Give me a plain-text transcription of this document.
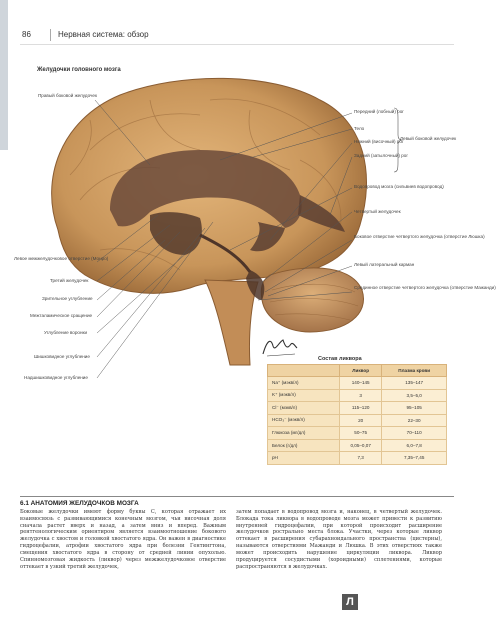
86	Нервная система: обзор
Желудочки головного мозга
Правый боковой желудочек
Левое межжелудочковое отверстие (Монро)
Третий желудочек
Зрительное углубление
Межталамическое сращение
Углубление воронки
Шишковидное углубление
Надшишковидное углубление
Передний (лобный) рог
Тело
Нижний (височный) рог
Задний (затылочный) рог
Водопровод мозга (сильвиев водопровод)
Четвертый желудочек
Боковое отверстие четвертого желудочка (отверстие Люшка)
Левый латеральный карман
Срединное отверстие четвертого желудочка (отверстие Мажанди)
Левый боковой желудочек
Состав ликвора
	Ликвор	Плазма крови
Na⁺ (мэкв/л)	140–145	135–147
K⁺ (мэкв/л)	3	3,5–5,0
Cl⁻ (мэкв/л)	115–120	95–105
HCO₃⁻ (мэкв/л)	20	22–30
Глюкоза (мг/дл)	50–75	70–110
Белок (г/дл)	0,05–0,07	6,0–7,8
pH	7,3	7,35–7,45
6.1 АНАТОМИЯ ЖЕЛУДОЧКОВ МОЗГА
Боковые желудочки имеют форму буквы С, которая отражает их взаимосвязь с развивающимися конечным мозгом, чьи височная доля сначала растет вверх и назад, а затем вниз и вперед. Важным рентгенологическим ориентиром является взаимоотношение бокового желудочка с хвостом и головкой хвостатого ядра. Он важен в диагностике гидроцефалии, атрофии хвостатого ядра при болезни Гентингтона, смещения хвостатого ядра в сторону от средней линии опухолью. Спинномозговая жидкость (ликвор) через межжелудочковое отверстие оттекает в узкий третий желудочек,
затем попадает в водопровод мозга и, наконец, в четвертый желудочек. Блокада тока ликвора в водопроводе мозга может привести к развитию внутренней гидроцефалии, при которой происходит расширение желудочков рострально места блока. Участки, через которые ликвор оттекает в расширения субарахноидального пространства (цистерны), называются отверстиями Мажанди и Люшка. В этих отверстиях также может происходить нарушение циркуляции ликвора. Ликвор продуцируется сосудистыми (хороидными) сплетениями, которые распространяются в желудочках.
Л
